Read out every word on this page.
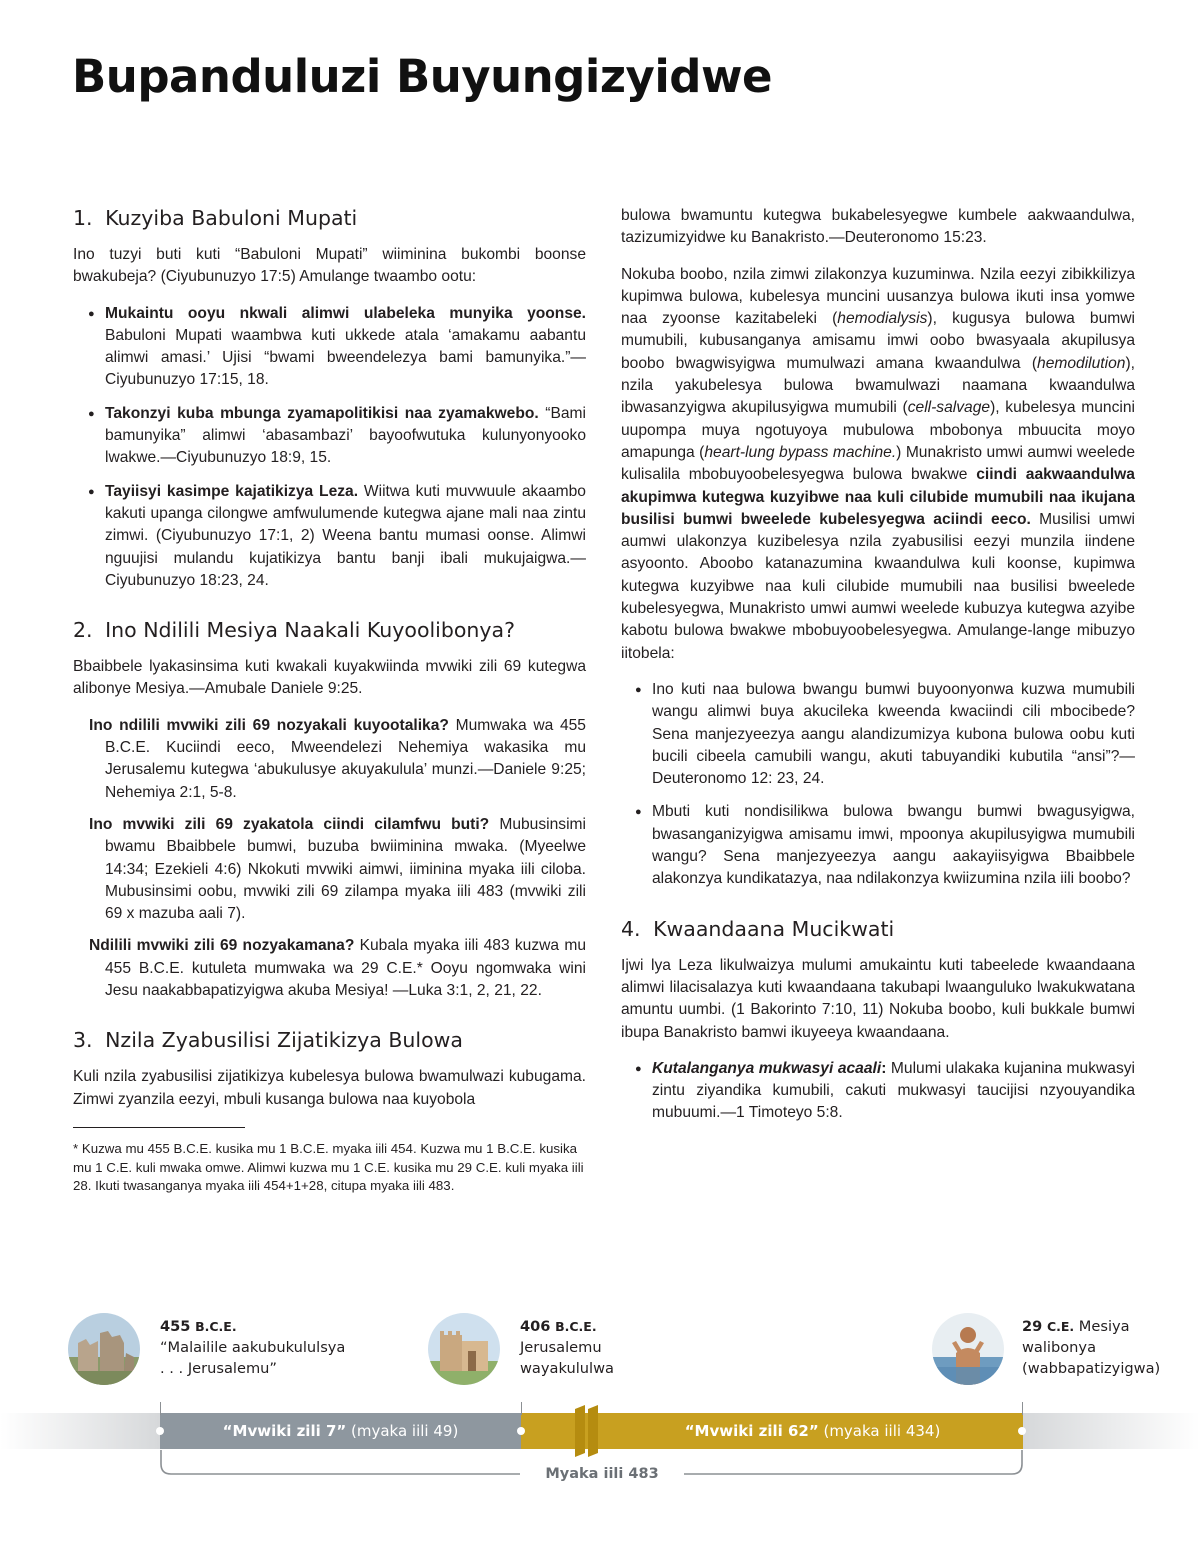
Bupanduluzi Buyungizyidwe
1. Kuzyiba Babuloni Mupati

Ino tuzyi buti kuti “Babuloni Mupati” wiiminina bukombi boonse bwakubeja? (Ciyubunuzyo 17:5) Amulange twaambo ootu:

● Mukaintu ooyu nkwali alimwi ulabeleka munyika yoonse. Babuloni Mupati waambwa kuti ukkede atala ‘amakamu aabantu alimwi amasi.’ Ujisi “bwami bweendelezya bami bamunyika.”—Ciyubunuzyo 17:15, 18.
● Takonzyi kuba mbunga zyamapolitikisi naa zyamakwebo. “Bami bamunyika” alimwi ‘abasambazi’ bayoofwutuka kulunyonyooko lwakwe.—Ciyubunuzyo 18:9, 15.
● Tayiisyi kasimpe kajatikizya Leza. Wiitwa kuti muvwuule akaambo kakuti upanga cilongwe amfwulumende kutegwa ajane mali naa zintu zimwi. (Ciyubunuzyo 17:1, 2) Weena bantu mumasi oonse. Alimwi nguujisi mulandu kujatikizya bantu banji ibali mukujaigwa.—Ciyubunuzyo 18:23, 24.
2. Ino Ndilili Mesiya Naakali Kuyoolibonya?

Bbaibbele lyakasinsima kuti kwakali kuyakwiinda mvwiki zili 69 kutegwa alibonye Mesiya.—Amubale Daniele 9:25.

Ino ndilili mvwiki zili 69 nozyakali kuyootalika? Mumwaka wa 455 B.C.E. Kuciindi eeco, Mweendelezi Nehemiya wakasika mu Jerusalemu kutegwa ‘abukulusye akuyakulula’ munzi.—Daniele 9:25; Nehemiya 2:1, 5-8.

Ino mvwiki zili 69 zyakatola ciindi cilamfwu buti? Mubusinsimi bwamu Bbaibbele bumwi, buzuba bwiiminina mwaka. (Myeelwe 14:34; Ezekieli 4:6) Nkokuti mvwiki aimwi, iiminina myaka iili ciloba. Mubusinsimi oobu, mvwiki zili 69 zilampa myaka iili 483 (mvwiki zili 69 x mazuba aali 7).

Ndilili mvwiki zili 69 nozyakamana? Kubala myaka iili 483 kuzwa mu 455 B.C.E. kutuleta mumwaka wa 29 C.E.* Ooyu ngomwaka wini Jesu naakabbapatizyigwa akuba Mesiya! —Luka 3:1, 2, 21, 22.

3. Nzila Zyabusilisi Zijatikizya Bulowa

Kuli nzila zyabusilisi zijatikizya kubelesya bulowa bwamulwazi kubugama. Zimwi zyanzila eezyi, mbuli kusanga bulowa naa kuyobola

* Kuzwa mu 455 B.C.E. kusika mu 1 B.C.E. myaka iili 454. Kuzwa mu 1 B.C.E. kusika mu 1 C.E. kuli mwaka omwe. Alimwi kuzwa mu 1 C.E. kusika mu 29 C.E. kuli myaka iili 28. Ikuti twasanganya myaka iili 454+1+28, citupa myaka iili 483.

bulowa bwamuntu kutegwa bukabelesyegwe kumbele aakwaandulwa, tazizumizyidwe ku Banakristo.—Deuteronomo 15:23.

Nokuba boobo, nzila zimwi zilakonzya kuzuminwa. Nzila eezyi zibikkilizya kupimwa bulowa, kubelesya muncini uusanzya bulowa ikuti insa yomwe naa zyoonse kazitabeleki (hemodialysis), kugusya bulowa bumwi mumubili, kubusanganya amisamu imwi oobo bwasyaala akupilusya boobo bwagwisyigwa mumulwazi amana kwaandulwa (hemodilution), nzila yakubelesya bulowa bwamulwazi naamana kwaandulwa ibwasanzyigwa akupilusyigwa mumubili (cell-salvage), kubelesya muncini uupompa muya ngotuyoya mubulowa mbobonya mbuucita moyo amapunga (heart-lung bypass machine.) Munakristo umwi aumwi weelede kulisalila mbobuyoobelesyegwa bulowa bwakwe ciindi aakwaandulwa akupimwa kutegwa kuzyibwe naa kuli cilubide mumubili naa ikujana busilisi bumwi bweelede kubelesyegwa aciindi eeco. Musilisi umwi aumwi ulakonzya kuzibelesya nzila zyabusilisi eezyi munzila iindene asyoonto. Aboobo katanazumina kwaandulwa kuli koonse, kupimwa kutegwa kuzyibwe naa kuli cilubide mumubili naa busilisi bweelede kubelesyegwa, Munakristo umwi aumwi weelede kubuzya kutegwa azyibe kabotu bulowa bwakwe mbobuyoobelesyegwa. Amulange-lange mibuzyo iitobela:

● Ino kuti naa bulowa bwangu bumwi buyoonyonwa kuzwa mumubili wangu alimwi buya akucileka kweenda kwaciindi cili mbocibede? Sena manjezyeezya aangu alandizumizya kubona bulowa oobu kuti bucili cibeela camubili wangu, akuti tabuyandiki kubutila “ansi”?—Deuteronomo 12: 23, 24.
● Mbuti kuti nondisilikwa bulowa bwangu bumwi bwagusyigwa, bwasanganizyigwa amisamu imwi, mpoonya akupilusyigwa mumubili wangu? Sena manjezyeezya aangu aakayiisyigwa Bbaibbele alakonzya kundikatazya, naa ndilakonzya kwiizumina nzila iili boobo?
4. Kwaandaana Mucikwati

Ijwi lya Leza likulwaizya mulumi amukaintu kuti tabeelede kwaandaana alimwi lilacisalazya kuti kwaandaana takubapi lwaanguluko lwakukwatana amuntu uumbi. (1 Bakorinto 7:10, 11) Nokuba boobo, kuli bukkale bumwi ibupa Banakristo bamwi ikuyeeya kwaandaana.

● Kutalanganya mukwasyi acaali: Mulumi ulakaka kujanina mukwasyi zintu ziyandika kumubili, cakuti mukwasyi taucijisi nzyouyandika mubuumi.—1 Timoteyo 5:8.
455 B.C.E.
“Malailile aakubukululsya
. . . Jerusalemu”
406 B.C.E.
Jerusalemu
wayakululwa
29 C.E. Mesiya
walibonya
(wabbapatizyigwa)
“Mvwiki zili 7” (myaka iili 49)	“Mvwiki zili 62” (myaka iili 434)
Myaka iili 483
